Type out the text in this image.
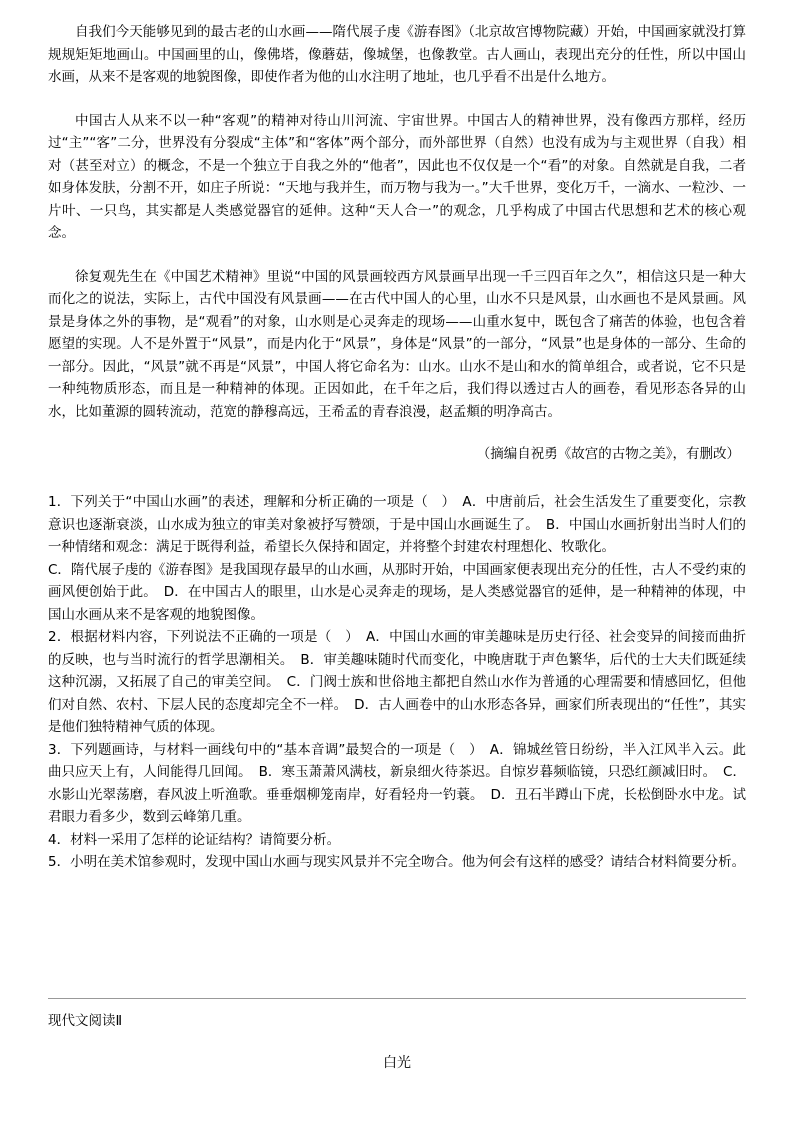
自我们今天能够见到的最古老的山水画——隋代展子虔《游春图》（北京故宫博物院藏）开始，中国画家就没打算规规矩矩地画山。中国画里的山，像佛塔，像蘑菇，像城堡，也像教堂。古人画山，表现出充分的任性，所以中国山水画，从来不是客观的地貌图像，即使作者为他的山水注明了地址，也几乎看不出是什么地方。

中国古人从来不以一种“客观”的精神对待山川河流、宇宙世界。中国古人的精神世界，没有像西方那样，经历过“主”“客”二分，世界没有分裂成“主体”和“客体”两个部分，而外部世界（自然）也没有成为与主观世界（自我）相对（甚至对立）的概念，不是一个独立于自我之外的“他者”，因此也不仅仅是一个“看”的对象。自然就是自我，二者如身体发肤，分割不开，如庄子所说：“天地与我并生，而万物与我为一。”大千世界，变化万千，一滴水、一粒沙、一片叶、一只鸟，其实都是人类感觉器官的延伸。这种“天人合一”的观念，几乎构成了中国古代思想和艺术的核心观念。

徐复观先生在《中国艺术精神》里说“中国的风景画较西方风景画早出现一千三四百年之久”，相信这只是一种大而化之的说法，实际上，古代中国没有风景画——在古代中国人的心里，山水不只是风景，山水画也不是风景画。风景是身体之外的事物，是“观看”的对象，山水则是心灵奔走的现场——山重水复中，既包含了痛苦的体验，也包含着愿望的实现。人不是外置于“风景”，而是内化于“风景”，身体是“风景”的一部分，“风景”也是身体的一部分、生命的一部分。因此，“风景”就不再是“风景”，中国人将它命名为：山水。山水不是山和水的简单组合，或者说，它不只是一种纯物质形态，而且是一种精神的体现。正因如此，在千年之后，我们得以透过古人的画卷，看见形态各异的山水，比如董源的圆转流动，范宽的静穆高远，王希孟的青春浪漫，赵孟頫的明净高古。

（摘编自祝勇《故宫的古物之美》，有删改）

1．下列关于“中国山水画”的表述，理解和分析正确的一项是（　）　A．中唐前后，社会生活发生了重要变化，宗教意识也逐渐衰淡，山水成为独立的审美对象被抒写赞颂，于是中国山水画诞生了。　B．中国山水画折射出当时人们的一种情绪和观念：满足于既得利益，希望长久保持和固定，并将整个封建农村理想化、牧歌化。

C．隋代展子虔的《游春图》是我国现存最早的山水画，从那时开始，中国画家便表现出充分的任性，古人不受约束的画风便创始于此。　D．在中国古人的眼里，山水是心灵奔走的现场，是人类感觉器官的延伸，是一种精神的体现，中国山水画从来不是客观的地貌图像。

2．根据材料内容，下列说法不正确的一项是（　）　A．中国山水画的审美趣味是历史行径、社会变异的间接而曲折的反映，也与当时流行的哲学思潮相关。　B．审美趣味随时代而变化，中晚唐耽于声色繁华，后代的士大夫们既延续这种沉溺，又拓展了自己的审美空间。　C．门阀士族和世俗地主都把自然山水作为普通的心理需要和情感回忆，但他们对自然、农村、下层人民的态度却完全不一样。　D．古人画卷中的山水形态各异，画家们所表现出的“任性”，其实是他们独特精神气质的体现。

3．下列题画诗，与材料一画线句中的“基本音调”最契合的一项是（　）　A．锦城丝管日纷纷，半入江风半入云。此曲只应天上有，人间能得几回闻。　B．寒玉萧萧风满枝，新泉细火待茶迟。自惊岁暮频临镜，只恐红颜减旧时。　C．水影山光翠荡磨，春风波上听渔歌。垂垂烟柳笼南岸，好看轻舟一钓蓑。　D．丑石半蹲山下虎，长松倒卧水中龙。试君眼力看多少，数到云峰第几重。

4．材料一采用了怎样的论证结构？请简要分析。

5．小明在美术馆参观时，发现中国山水画与现实风景并不完全吻合。他为何会有这样的感受？请结合材料简要分析。

现代文阅读Ⅱ
白光
